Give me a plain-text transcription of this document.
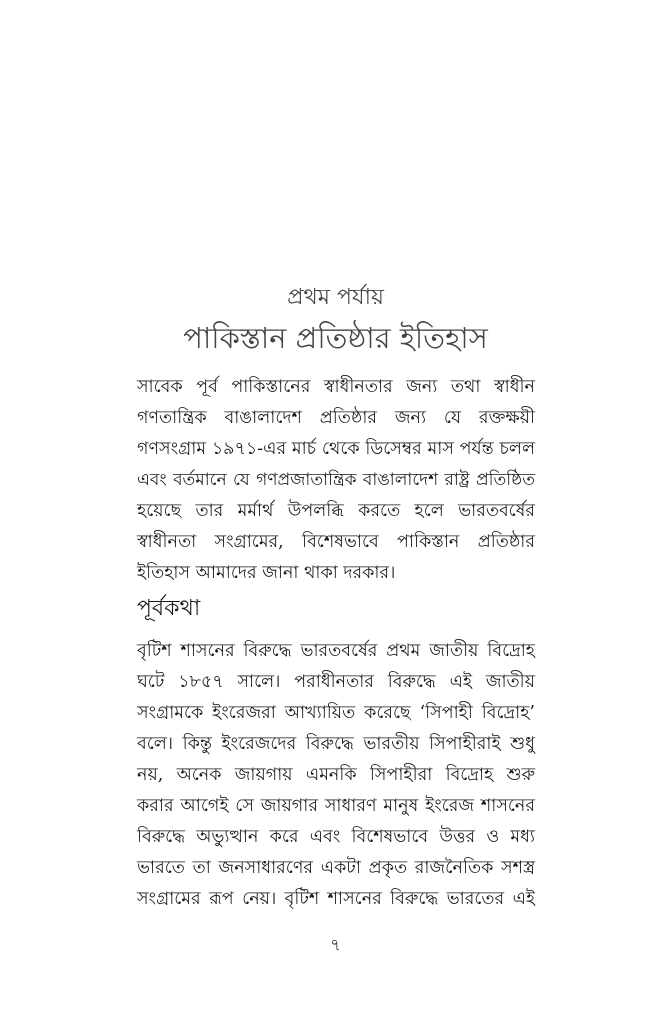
প্রথম পর্যায়
পাকিস্তান প্রতিষ্ঠার ইতিহাস

সাবেক পূর্ব পাকিস্তানের স্বাধীনতার জন্য তথা স্বাধীন
গণতান্ত্রিক বাঙালাদেশ প্রতিষ্ঠার জন্য যে রক্তক্ষয়ী
গণসংগ্রাম ১৯৭১-এর মার্চ থেকে ডিসেম্বর মাস পর্যন্ত চলল
এবং বর্তমানে যে গণপ্রজাতান্ত্রিক বাঙালাদেশ রাষ্ট্র প্রতিষ্ঠিত
হয়েছে তার মর্মার্থ উপলব্ধি করতে হলে ভারতবর্ষের
স্বাধীনতা সংগ্রামের, বিশেষভাবে পাকিস্তান প্রতিষ্ঠার
ইতিহাস আমাদের জানা থাকা দরকার।

পূর্বকথা

বৃটিশ শাসনের বিরুদ্ধে ভারতবর্ষের প্রথম জাতীয় বিদ্রোহ
ঘটে ১৮৫৭ সালে। পরাধীনতার বিরুদ্ধে এই জাতীয়
সংগ্রামকে ইংরেজরা আখ্যায়িত করেছে ‘সিপাহী বিদ্রোহ’
বলে। কিন্তু ইংরেজদের বিরুদ্ধে ভারতীয় সিপাহীরাই শুধু
নয়, অনেক জায়গায় এমনকি সিপাহীরা বিদ্রোহ শুরু
করার আগেই সে জায়গার সাধারণ মানুষ ইংরেজ শাসনের
বিরুদ্ধে অভ্যুত্থান করে এবং বিশেষভাবে উত্তর ও মধ্য
ভারতে তা জনসাধারণের একটা প্রকৃত রাজনৈতিক সশস্ত্র
সংগ্রামের রূপ নেয়। বৃটিশ শাসনের বিরুদ্ধে ভারতের এই

৭
